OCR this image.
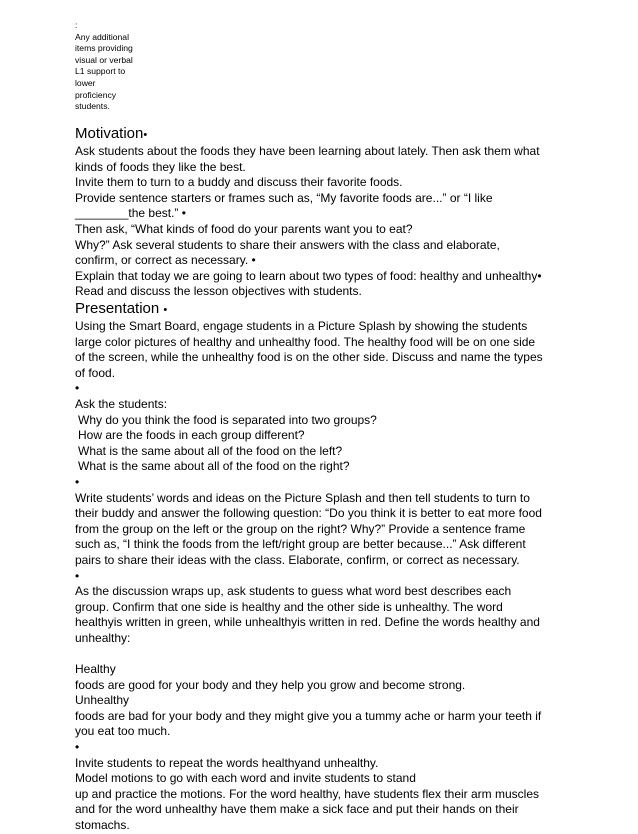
:
Any additional
items providing
visual or verbal
L1 support to
lower
proficiency
students.
Motivation•
Ask students about the foods they have been learning about lately. Then ask them what
kinds of foods they like the best.
Invite them to turn to a buddy and discuss their favorite foods.
Provide sentence starters or frames such as, “My favorite foods are...” or “I like
________the best.” •
Then ask, “What kinds of food do your parents want you to eat?
Why?” Ask several students to share their answers with the class and elaborate,
confirm, or correct as necessary. •
Explain that today we are going to learn about two types of food: healthy and unhealthy•
Read and discuss the lesson objectives with students.
Presentation •
Using the Smart Board, engage students in a Picture Splash by showing the students
large color pictures of healthy and unhealthy food. The healthy food will be on one side
of the screen, while the unhealthy food is on the other side. Discuss and name the types
of food.
•
Ask the students:
Why do you think the food is separated into two groups?
How are the foods in each group different?
What is the same about all of the food on the left?
What is the same about all of the food on the right?
•
Write students’ words and ideas on the Picture Splash and then tell students to turn to
their buddy and answer the following question: “Do you think it is better to eat more food
from the group on the left or the group on the right? Why?” Provide a sentence frame
such as, “I think the foods from the left/right group are better because...” Ask different
pairs to share their ideas with the class. Elaborate, confirm, or correct as necessary.
•
As the discussion wraps up, ask students to guess what word best describes each
group. Confirm that one side is healthy and the other side is unhealthy. The word
healthyis written in green, while unhealthyis written in red. Define the words healthy and
unhealthy:

Healthy
foods are good for your body and they help you grow and become strong.
Unhealthy
foods are bad for your body and they might give you a tummy ache or harm your teeth if
you eat too much.
•
Invite students to repeat the words healthyand unhealthy.
Model motions to go with each word and invite students to stand
up and practice the motions. For the word healthy, have students flex their arm muscles
and for the word unhealthy have them make a sick face and put their hands on their
stomachs.
